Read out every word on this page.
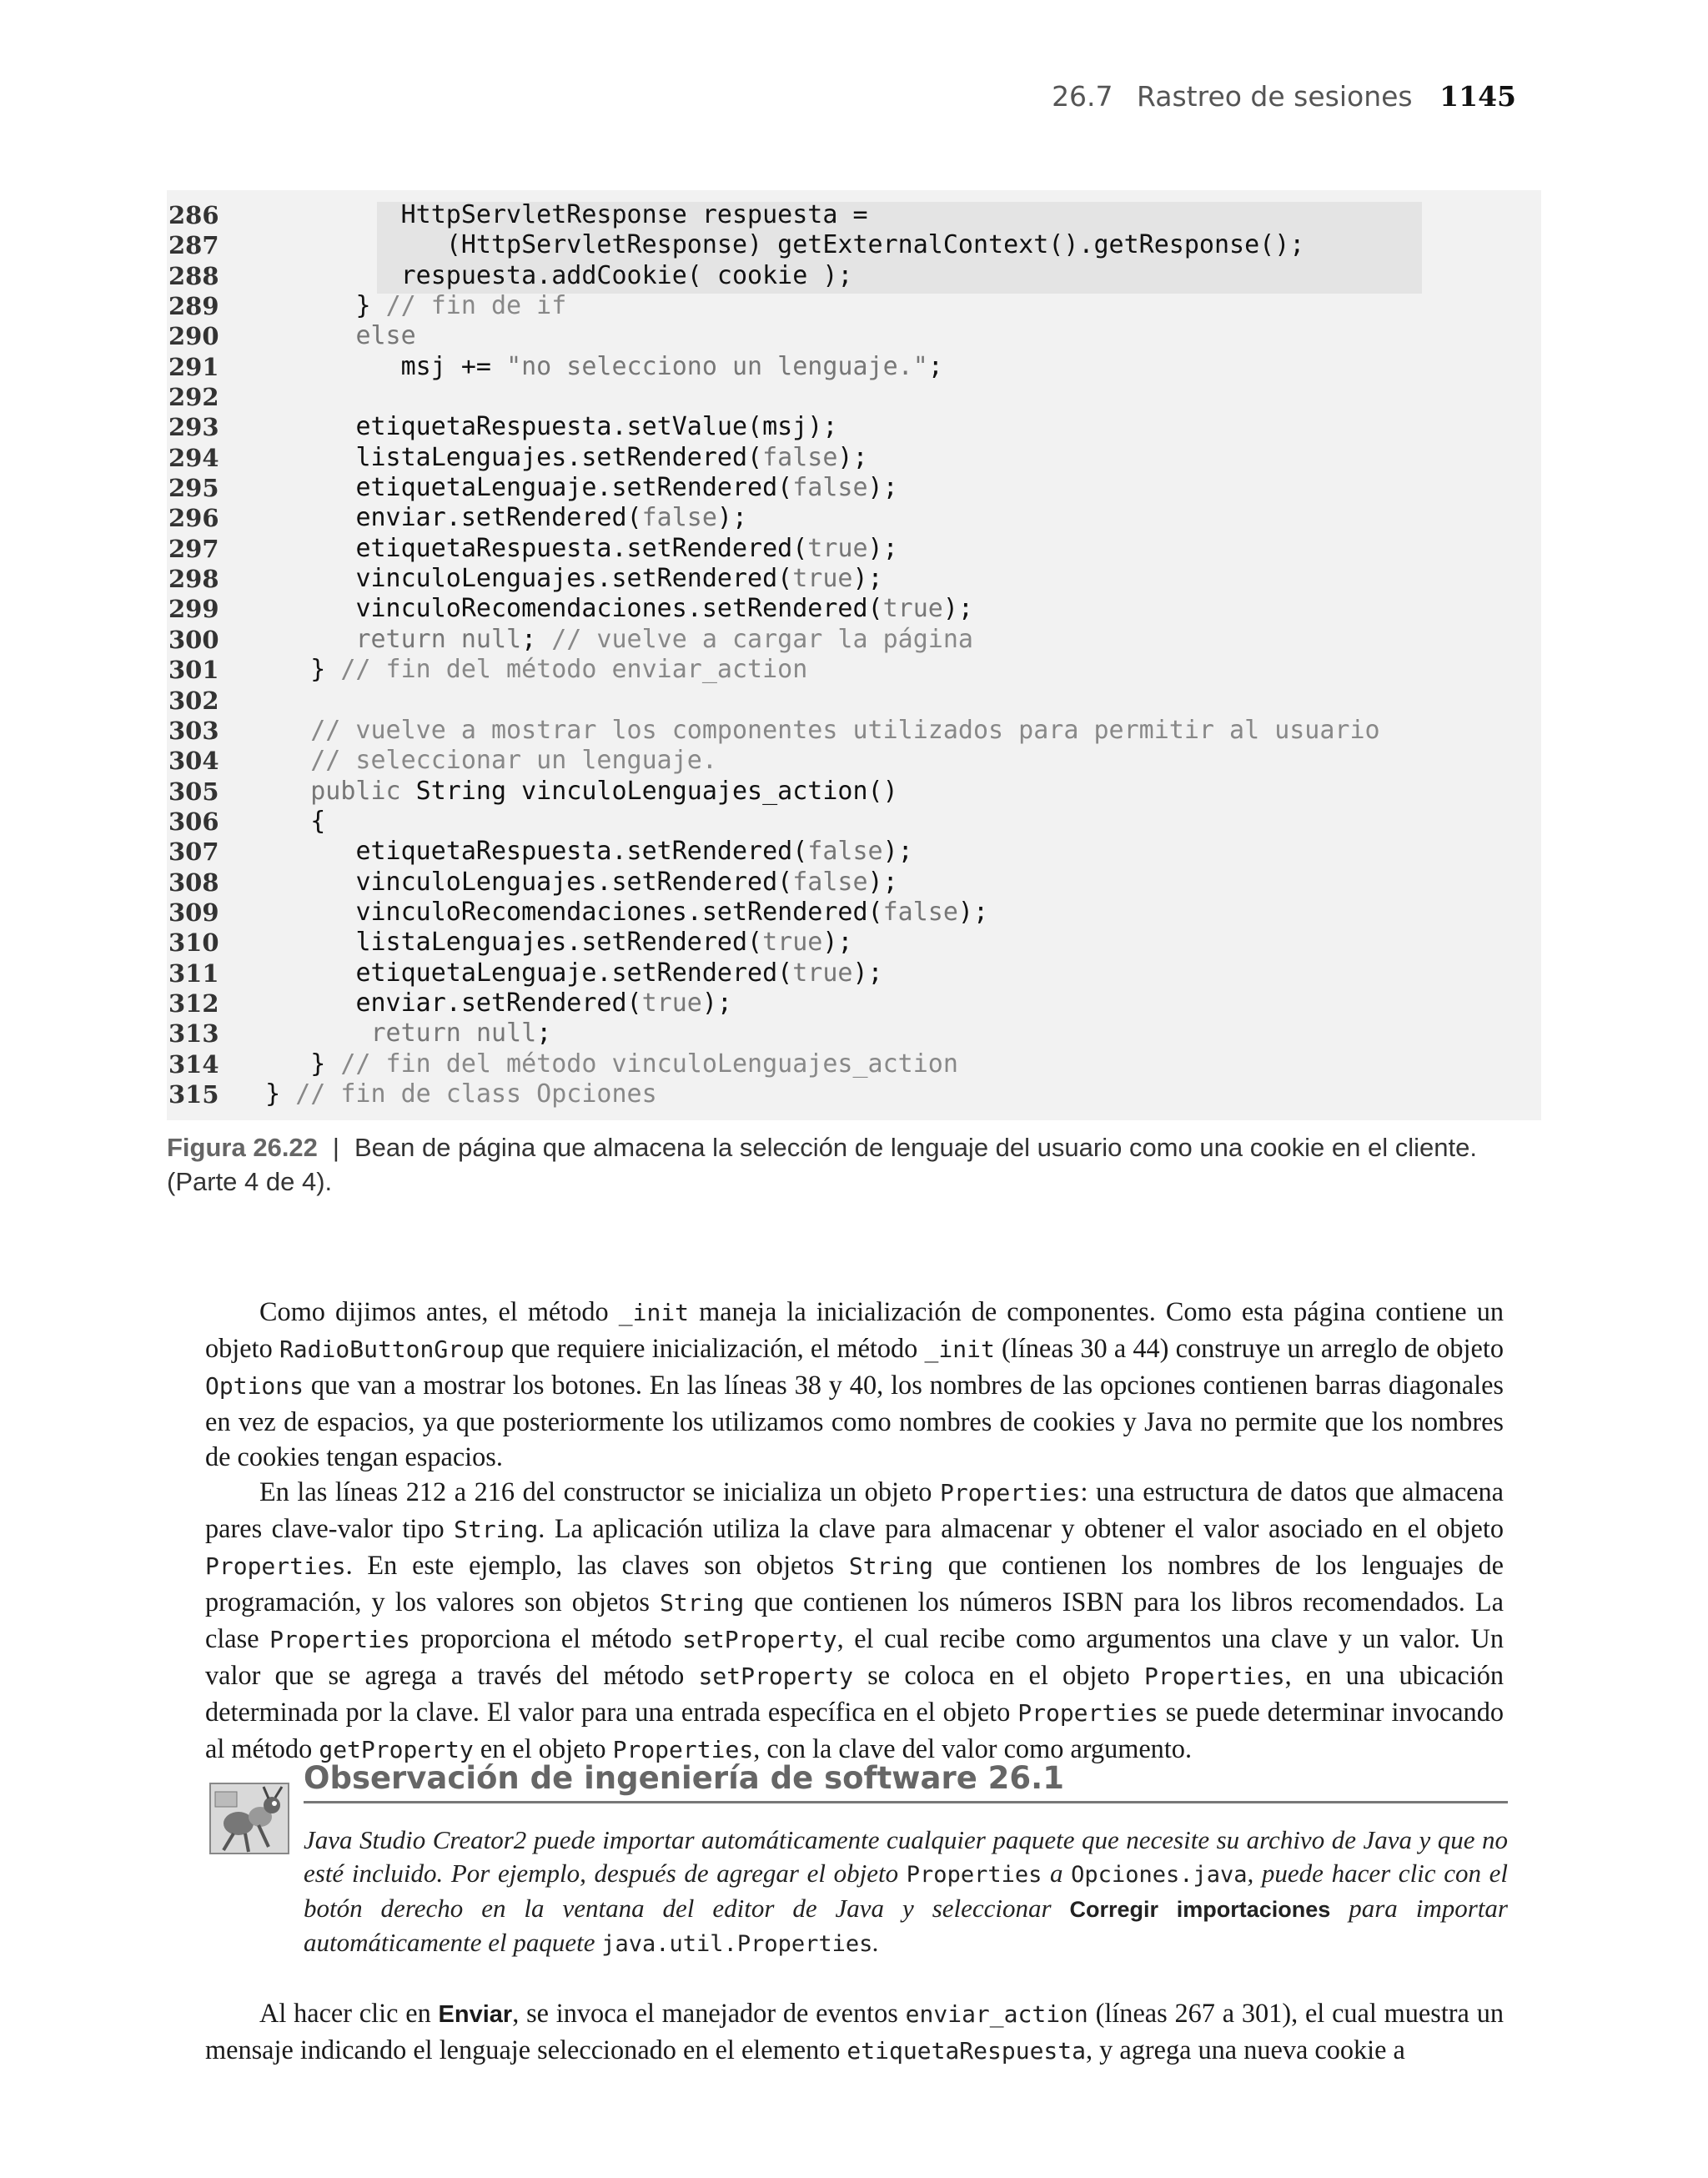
26.7 Rastreo de sesiones 1145
286	HttpServletResponse respuesta =
287	(HttpServletResponse) getExternalContext().getResponse();
288	respuesta.addCookie( cookie );
289	} // fin de if
290	else
291	msj += "no selecciono un lenguaje.";
292
293	etiquetaRespuesta.setValue(msj);
294	listaLenguajes.setRendered(false);
295	etiquetaLenguaje.setRendered(false);
296	enviar.setRendered(false);
297	etiquetaRespuesta.setRendered(true);
298	vinculoLenguajes.setRendered(true);
299	vinculoRecomendaciones.setRendered(true);
300	return null; // vuelve a cargar la página
301	} // fin del método enviar_action
302
303	// vuelve a mostrar los componentes utilizados para permitir al usuario
304	// seleccionar un lenguaje.
305	public String vinculoLenguajes_action()
306	{
307	etiquetaRespuesta.setRendered(false);
308	vinculoLenguajes.setRendered(false);
309	vinculoRecomendaciones.setRendered(false);
310	listaLenguajes.setRendered(true);
311	etiquetaLenguaje.setRendered(true);
312	enviar.setRendered(true);
313	return null;
314	} // fin del método vinculoLenguajes_action
315	} // fin de class Opciones
Figura 26.22 | Bean de página que almacena la selección de lenguaje del usuario como una cookie en el cliente. (Parte 4 de 4).

Como dijimos antes, el método _init maneja la inicialización de componentes. Como esta página contiene un objeto RadioButtonGroup que requiere inicialización, el método _init (líneas 30 a 44) construye un arreglo de objeto Options que van a mostrar los botones. En las líneas 38 y 40, los nombres de las opciones contienen barras diagonales en vez de espacios, ya que posteriormente los utilizamos como nombres de cookies y Java no permite que los nombres de cookies tengan espacios.

En las líneas 212 a 216 del constructor se inicializa un objeto Properties: una estructura de datos que almacena pares clave-valor tipo String. La aplicación utiliza la clave para almacenar y obtener el valor asociado en el objeto Properties. En este ejemplo, las claves son objetos String que contienen los nombres de los lenguajes de programación, y los valores son objetos String que contienen los números ISBN para los libros recomendados. La clase Properties proporciona el método setProperty, el cual recibe como argumentos una clave y un valor. Un valor que se agrega a través del método setProperty se coloca en el objeto Properties, en una ubicación determinada por la clave. El valor para una entrada específica en el objeto Properties se puede determinar invocando al método getProperty en el objeto Properties, con la clave del valor como argumento.

Observación de ingeniería de software 26.1
Java Studio Creator2 puede importar automáticamente cualquier paquete que necesite su archivo de Java y que no esté incluido. Por ejemplo, después de agregar el objeto Properties a Opciones.java, puede hacer clic con el botón derecho en la ventana del editor de Java y seleccionar Corregir importaciones para importar automáticamente el paquete java.util.Properties.

Al hacer clic en Enviar, se invoca el manejador de eventos enviar_action (líneas 267 a 301), el cual muestra un mensaje indicando el lenguaje seleccionado en el elemento etiquetaRespuesta, y agrega una nueva cookie a
